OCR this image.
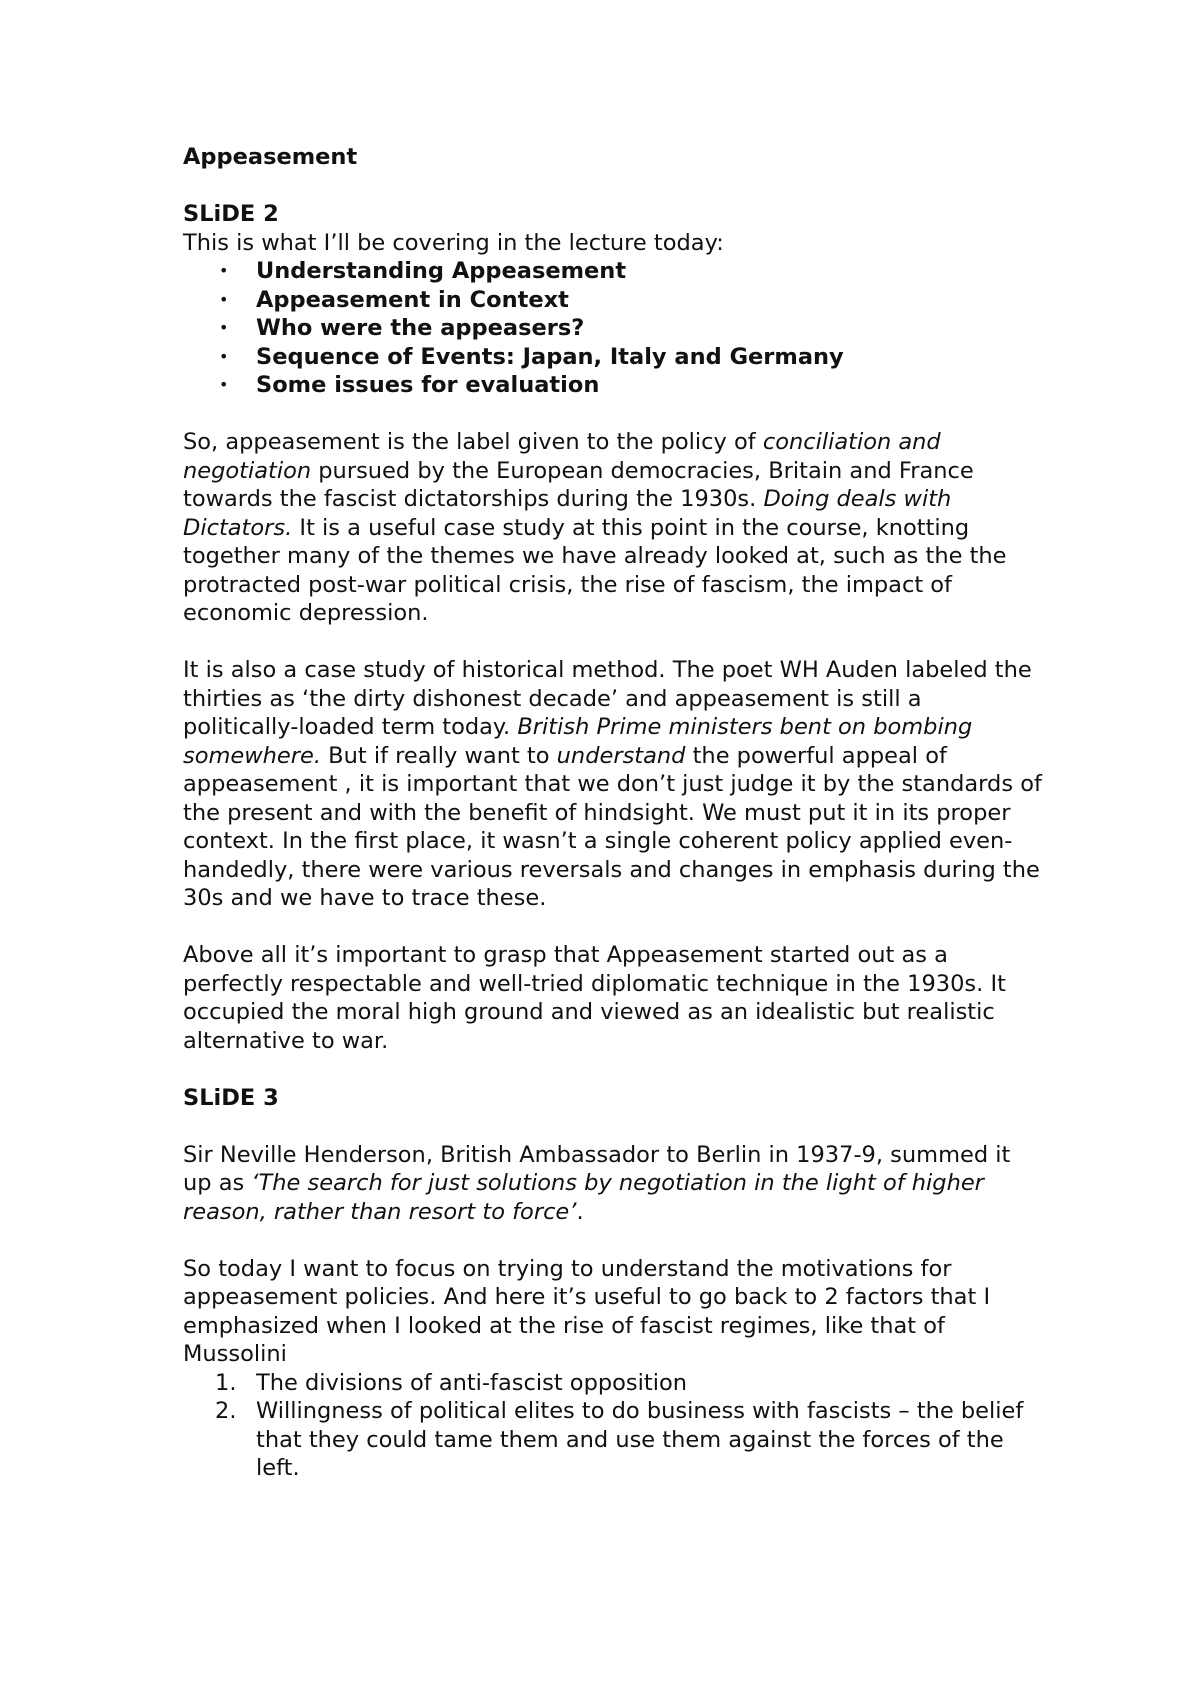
Appeasement

SLiDE 2

This is what I’ll be covering in the lecture today:

• Understanding Appeasement
• Appeasement in Context
• Who were the appeasers?
• Sequence of Events: Japan, Italy and Germany
• Some issues for evaluation

So, appeasement is the label given to the policy of conciliation and negotiation pursued by the European democracies, Britain and France towards the fascist dictatorships during the 1930s. Doing deals with Dictators. It is a useful case study at this point in the course, knotting together many of the themes we have already looked at, such as the the protracted post-war political crisis, the rise of fascism, the impact of economic depression.

It is also a case study of historical method. The poet WH Auden labeled the thirties as ‘the dirty dishonest decade’ and appeasement is still a politically-loaded term today. British Prime ministers bent on bombing somewhere. But if really want to understand the powerful appeal of appeasement , it is important that we don’t just judge it by the standards of the present and with the benefit of hindsight. We must put it in its proper context. In the first place, it wasn’t a single coherent policy applied even-handedly, there were various reversals and changes in emphasis during the 30s and we have to trace these.

Above all it’s important to grasp that Appeasement started out as a perfectly respectable and well-tried diplomatic technique in the 1930s. It occupied the moral high ground and viewed as an idealistic but realistic alternative to war.

SLiDE 3

Sir Neville Henderson, British Ambassador to Berlin in 1937-9, summed it up as ‘The search for just solutions by negotiation in the light of higher reason, rather than resort to force’.

So today I want to focus on trying to understand the motivations for appeasement policies. And here it’s useful to go back to 2 factors that I emphasized when I looked at the rise of fascist regimes, like that of Mussolini

1. The divisions of anti-fascist opposition
2. Willingness of political elites to do business with fascists – the belief that they could tame them and use them against the forces of the left.
